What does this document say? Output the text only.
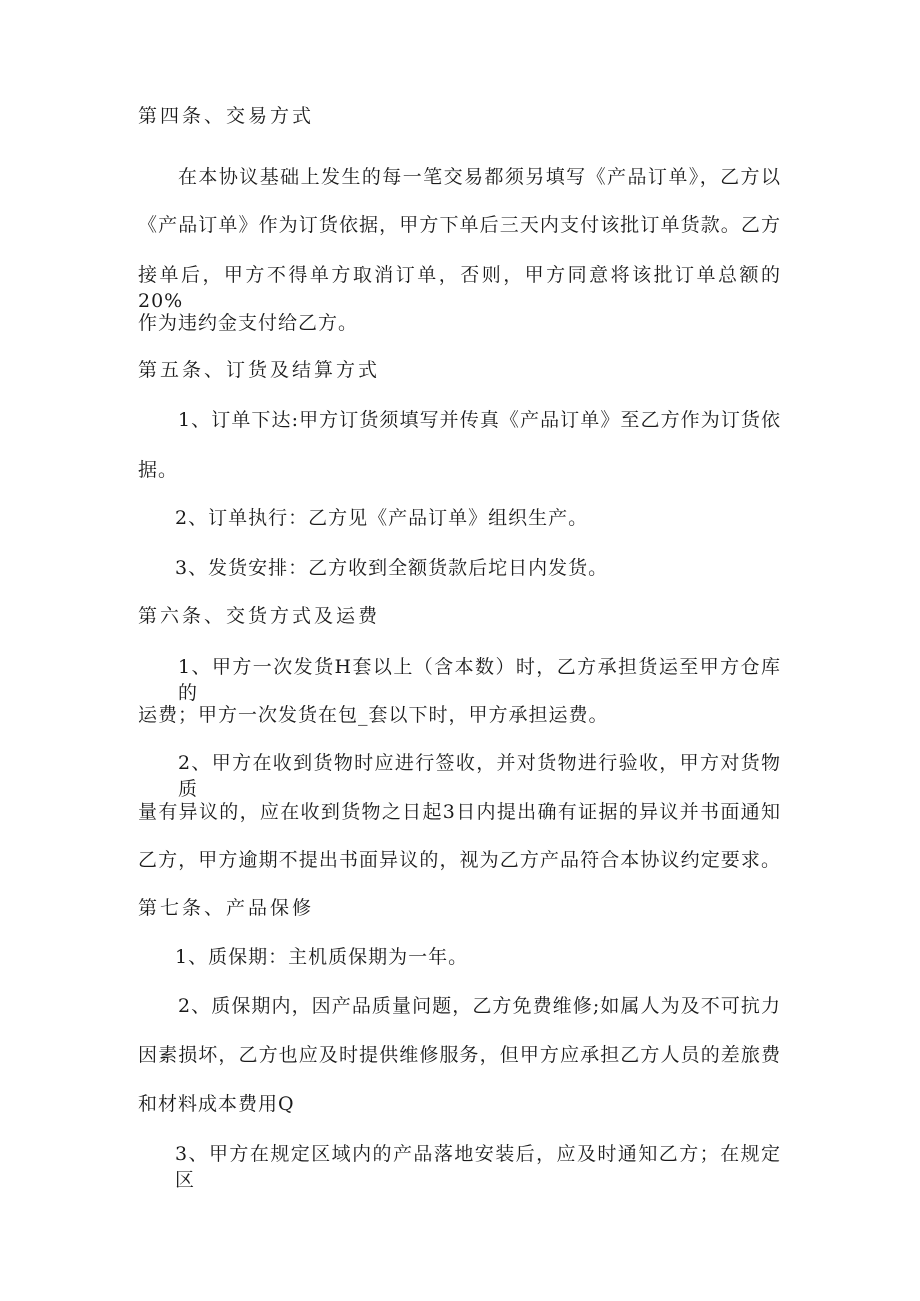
第四条、交易方式
在本协议基础上发生的每一笔交易都须另填写《产品订单》，乙方以
《产品订单》作为订货依据，甲方下单后三天内支付该批订单货款。乙方
接单后，甲方不得单方取消订单，否则，甲方同意将该批订单总额的20%
作为违约金支付给乙方。
第五条、订货及结算方式
1、订单下达:甲方订货须填写并传真《产品订单》至乙方作为订货依
据。
2、订单执行：乙方见《产品订单》组织生产。
3、发货安排：乙方收到全额货款后坨日内发货。
第六条、交货方式及运费
1、甲方一次发货H套以上（含本数）时，乙方承担货运至甲方仓库的
运费；甲方一次发货在包_套以下时，甲方承担运费。
2、甲方在收到货物时应进行签收，并对货物进行验收，甲方对货物质
量有异议的，应在收到货物之日起3日内提出确有证据的异议并书面通知
乙方，甲方逾期不提出书面异议的，视为乙方产品符合本协议约定要求。
第七条、产品保修
1、质保期：主机质保期为一年。
2、质保期内，因产品质量问题，乙方免费维修;如属人为及不可抗力
因素损坏，乙方也应及时提供维修服务，但甲方应承担乙方人员的差旅费
和材料成本费用Q
3、甲方在规定区域内的产品落地安装后，应及时通知乙方；在规定区
